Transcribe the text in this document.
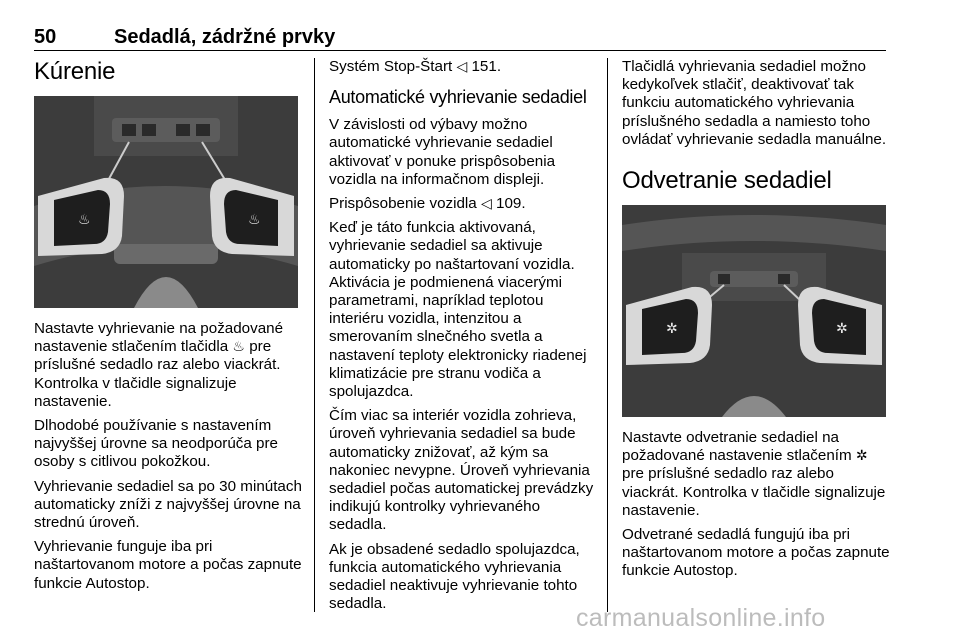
50	Sedadlá, zádržné prvky
Kúrenie
♨	♨

Nastavte vyhrievanie na požadované nastavenie stlačením tlačidla ♨ pre príslušné sedadlo raz alebo viackrát. Kontrolka v tlačidle signalizuje nastavenie.

Dlhodobé používanie s nastavením najvyššej úrovne sa neodporúča pre osoby s citlivou pokožkou.

Vyhrievanie sedadiel sa po 30 minútach automaticky zníži z najvyššej úrovne na strednú úroveň.

Vyhrievanie funguje iba pri naštartovanom motore a počas zapnute funkcie Autostop.

Systém Stop-Štart ◁ 151.

Automatické vyhrievanie sedadiel

V závislosti od výbavy možno automatické vyhrievanie sedadiel aktivovať v ponuke prispôsobenia vozidla na informačnom displeji.

Prispôsobenie vozidla ◁ 109.

Keď je táto funkcia aktivovaná, vyhrievanie sedadiel sa aktivuje automaticky po naštartovaní vozidla. Aktivácia je podmienená viacerými parametrami, napríklad teplotou interiéru vozidla, intenzitou a smerovaním slnečného svetla a nastavení teploty elektronicky riadenej klimatizácie pre stranu vodiča a spolujazdca.

Čím viac sa interiér vozidla zohrieva, úroveň vyhrievania sedadiel sa bude automaticky znižovať, až kým sa nakoniec nevypne. Úroveň vyhrievania sedadiel počas automatickej prevádzky indikujú kontrolky vyhrievaného sedadla.

Ak je obsadené sedadlo spolujazdca, funkcia automatického vyhrievania sedadiel neaktivuje vyhrievanie tohto sedadla.

Tlačidlá vyhrievania sedadiel možno kedykoľvek stlačiť, deaktivovať tak funkciu automatického vyhrievania príslušného sedadla a namiesto toho ovládať vyhrievanie sedadla manuálne.

Odvetranie sedadiel
✲	✲

Nastavte odvetranie sedadiel na požadované nastavenie stlačením ✲ pre príslušné sedadlo raz alebo viackrát. Kontrolka v tlačidle signalizuje nastavenie.

Odvetrané sedadlá fungujú iba pri naštartovanom motore a počas zapnute funkcie Autostop.

carmanualsonline.info
